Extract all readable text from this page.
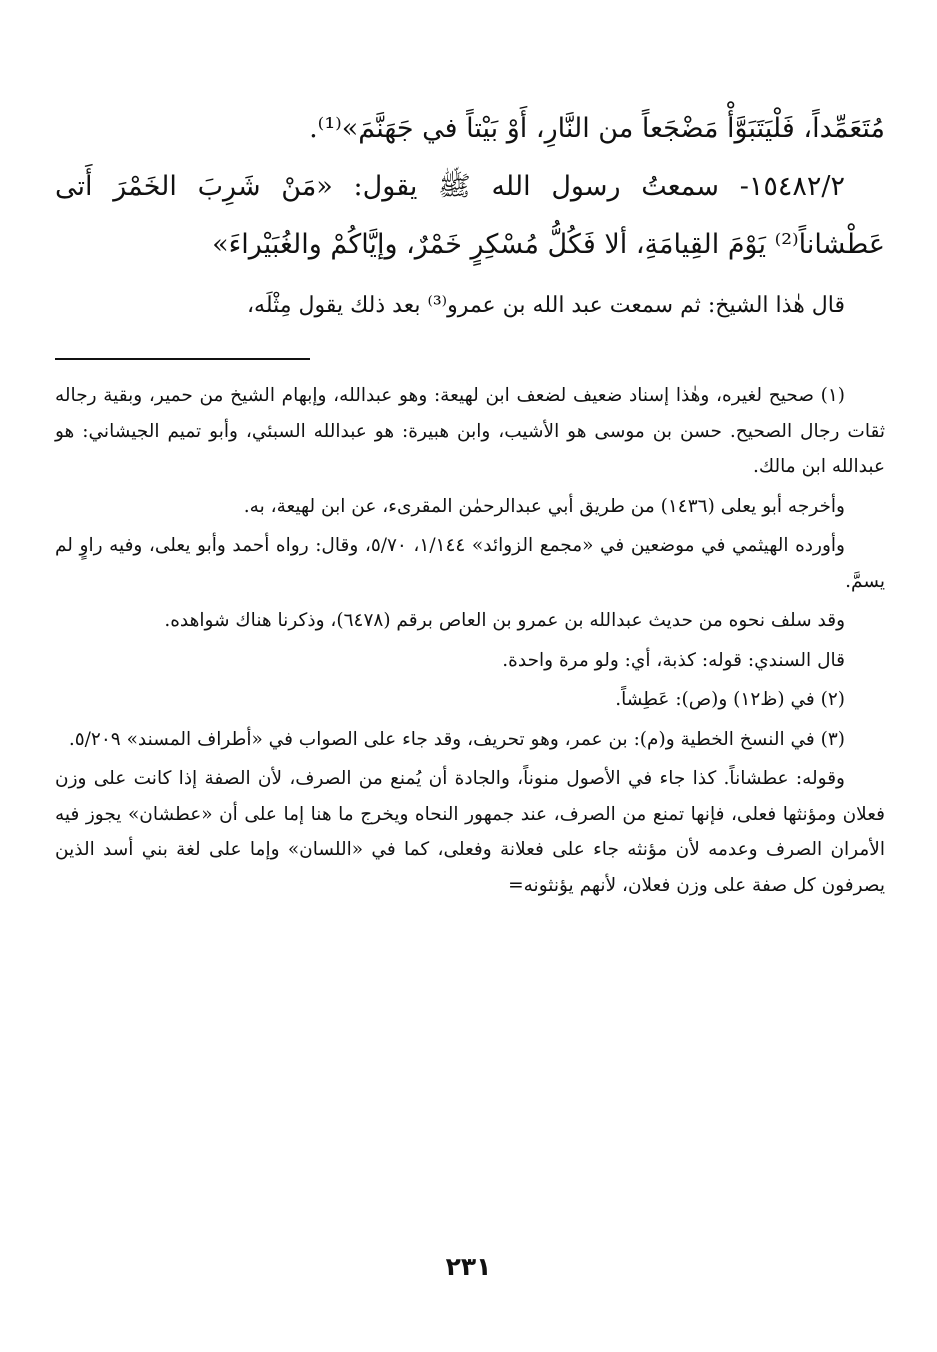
مُتَعَمِّداً، فَلْيَتَبَوَّأْ مَضْجَعاً من النَّارِ، أَوْ بَيْتاً في جَهَنَّمَ»⁽¹⁾.

١٥٤٨٢/٢- سمعتُ رسول الله ﷺ يقول: «مَنْ شَرِبَ الخَمْرَ أَتى عَطْشاناً⁽²⁾ يَوْمَ القِيامَةِ، ألا فَكُلُّ مُسْكِرٍ خَمْرٌ، وإيَّاكُمْ والغُبَيْراءَ»

قال هٰذا الشيخ: ثم سمعت عبد الله بن عمرو⁽³⁾ بعد ذلك يقول مِثْلَه،

(١) صحيح لغيره، وهٰذا إسناد ضعيف لضعف ابن لهيعة: وهو عبدالله، وإبهام الشيخ من حمير، وبقية رجاله ثقات رجال الصحيح. حسن بن موسى هو الأشيب، وابن هبيرة: هو عبدالله السبئي، وأبو تميم الجيشاني: هو عبدالله ابن مالك.

وأخرجه أبو يعلى (١٤٣٦) من طريق أبي عبدالرحمٰن المقرىء، عن ابن لهيعة، به.

وأورده الهيثمي في موضعين في «مجمع الزوائد» ١/١٤٤، ٥/٧٠، وقال: رواه أحمد وأبو يعلى، وفيه راوٍ لم يسمَّ.

وقد سلف نحوه من حديث عبدالله بن عمرو بن العاص برقم (٦٤٧٨)، وذكرنا هناك شواهده.

قال السندي: قوله: كذبة، أي: ولو مرة واحدة.

(٢) في (ظ١٢) و(ص): عَطِشاً.

(٣) في النسخ الخطية و(م): بن عمر، وهو تحريف، وقد جاء على الصواب في «أطراف المسند» ٥/٢٠٩.

وقوله: عطشاناً. كذا جاء في الأصول منوناً، والجادة أن يُمنع من الصرف، لأن الصفة إذا كانت على وزن فعلان ومؤنثها فعلى، فإنها تمنع من الصرف، عند جمهور النحاه ويخرج ما هنا إما على أن «عطشان» يجوز فيه الأمران الصرف وعدمه لأن مؤنثه جاء على فعلانة وفعلى، كما في «اللسان» وإما على لغة بني أسد الذين يصرفون كل صفة على وزن فعلان، لأنهم يؤنثونه=

٢٣١
